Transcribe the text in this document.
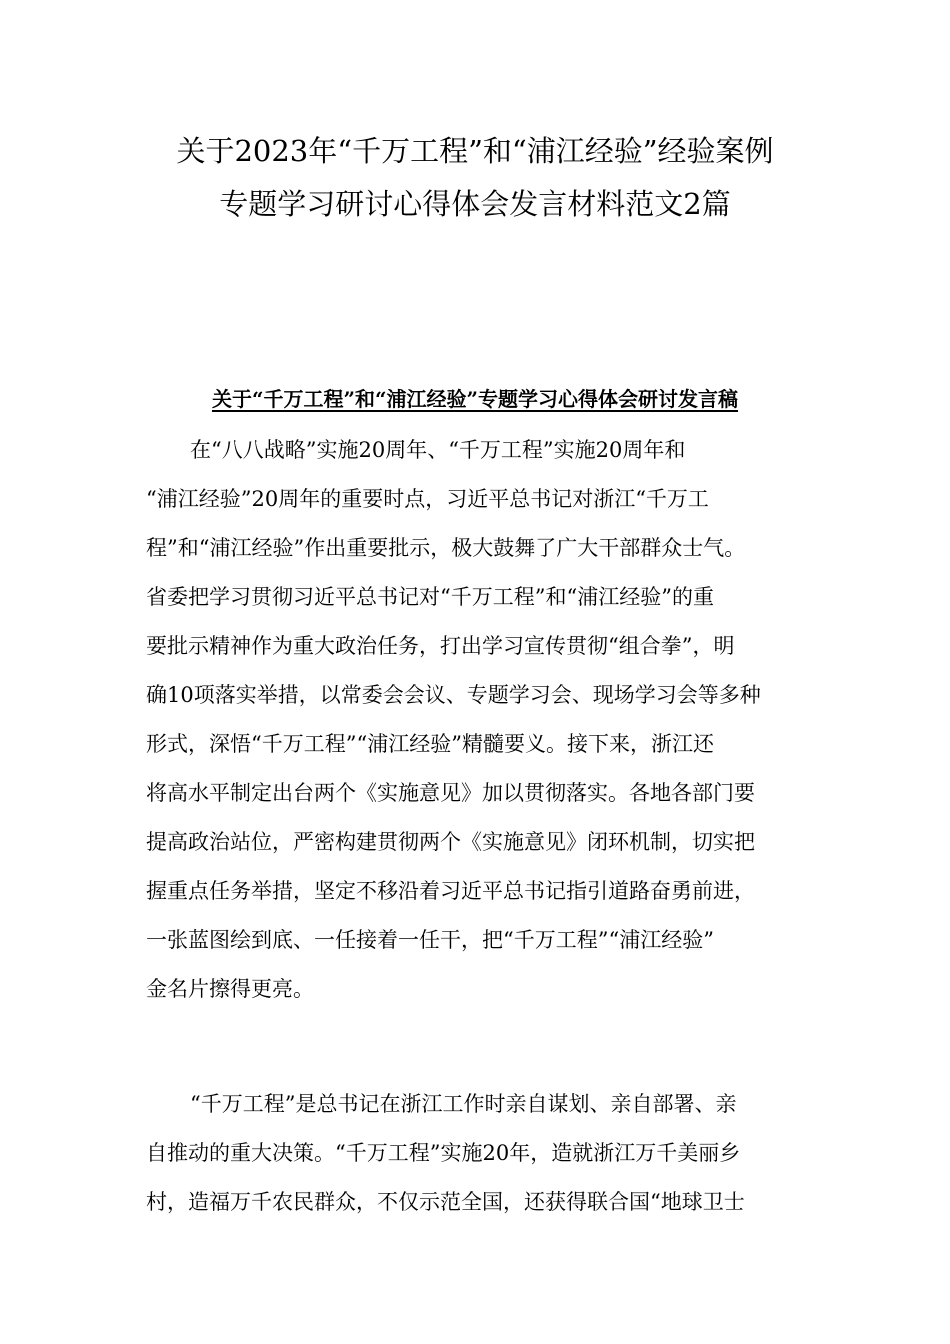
关于2023年“千万工程”和“浦江经验”经验案例
专题学习研讨心得体会发言材料范文2篇
关于“千万工程”和“浦江经验”专题学习心得体会研讨发言稿
在“八八战略”实施20周年、“千万工程”实施20周年和
“浦江经验”20周年的重要时点，习近平总书记对浙江“千万工
程”和“浦江经验”作出重要批示，极大鼓舞了广大干部群众士气。
省委把学习贯彻习近平总书记对“千万工程”和“浦江经验”的重
要批示精神作为重大政治任务，打出学习宣传贯彻“组合拳”，明
确10项落实举措，以常委会会议、专题学习会、现场学习会等多种
形式，深悟“千万工程”“浦江经验”精髓要义。接下来，浙江还
将高水平制定出台两个《实施意见》加以贯彻落实。各地各部门要
提高政治站位，严密构建贯彻两个《实施意见》闭环机制，切实把
握重点任务举措，坚定不移沿着习近平总书记指引道路奋勇前进，
一张蓝图绘到底、一任接着一任干，把“千万工程”“浦江经验”
金名片擦得更亮。
“千万工程”是总书记在浙江工作时亲自谋划、亲自部署、亲
自推动的重大决策。“千万工程”实施20年，造就浙江万千美丽乡
村，造福万千农民群众，不仅示范全国，还获得联合国“地球卫士
